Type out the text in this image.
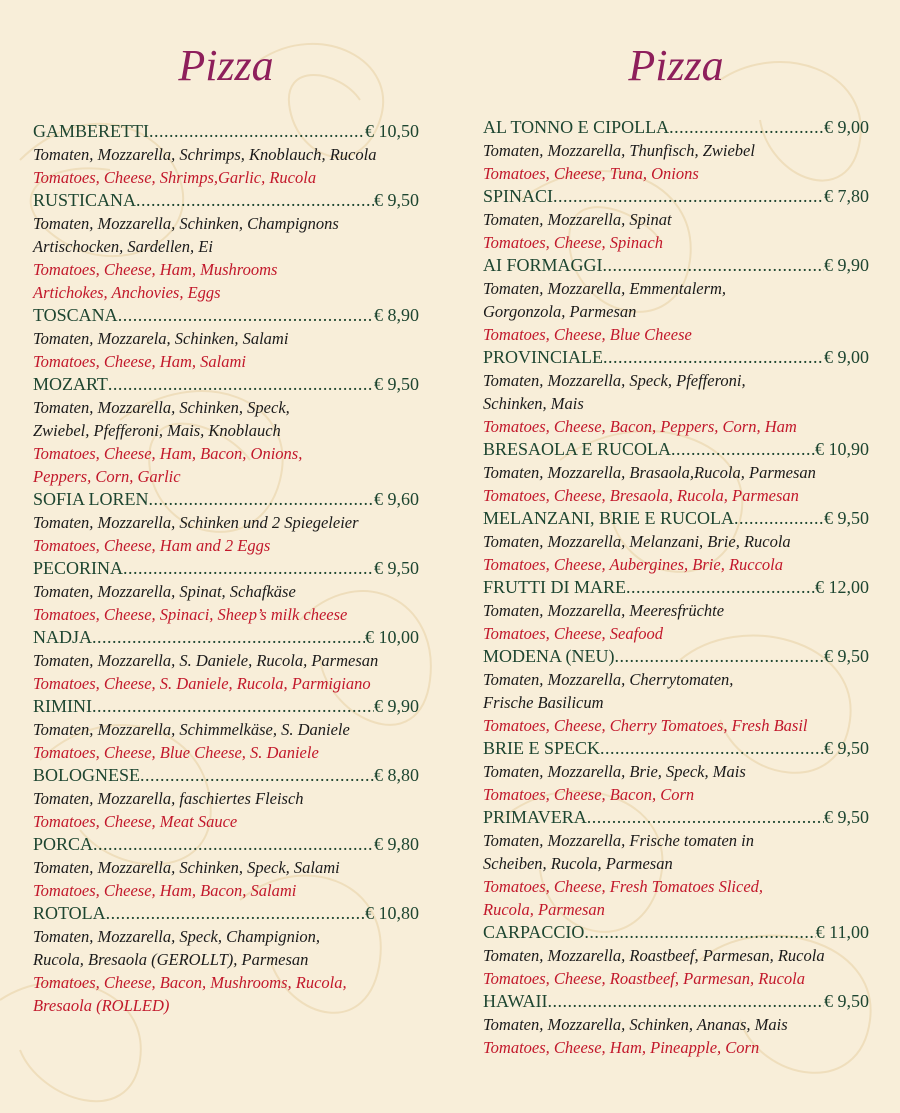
Pizza
GAMBERETTI .....	€ 10,50
Tomaten, Mozzarella, Schrimps, Knoblauch, Rucola
Tomatoes, Cheese, Shrimps,Garlic, Rucola
RUSTICANA .....	€ 9,50
Tomaten, Mozzarella, Schinken, Champignons
Artischocken, Sardellen, Ei
Tomatoes, Cheese, Ham, Mushrooms
Artichokes, Anchovies, Eggs
TOSCANA .....	€ 8,90
Tomaten, Mozzarela, Schinken, Salami
Tomatoes, Cheese, Ham, Salami
MOZART .....	€ 9,50
Tomaten, Mozzarella, Schinken, Speck,
Zwiebel, Pfefferoni, Mais, Knoblauch
Tomatoes, Cheese, Ham, Bacon, Onions,
Peppers, Corn, Garlic
SOFIA LOREN .....	€ 9,60
Tomaten, Mozzarella, Schinken und 2 Spiegeleier
Tomatoes, Cheese, Ham and 2 Eggs
PECORINA .....	€ 9,50
Tomaten, Mozzarella, Spinat, Schafkäse
Tomatoes, Cheese, Spinaci, Sheep’s milk cheese
NADJA .....	€ 10,00
Tomaten, Mozzarella, S. Daniele, Rucola, Parmesan
Tomatoes, Cheese, S. Daniele, Rucola, Parmigiano
RIMINI .....	€ 9,90
Tomaten, Mozzarella, Schimmelkäse, S. Daniele
Tomatoes, Cheese, Blue Cheese, S. Daniele
BOLOGNESE .....	€ 8,80
Tomaten, Mozzarella, faschiertes Fleisch
Tomatoes, Cheese, Meat Sauce
PORCA .....	€ 9,80
Tomaten, Mozzarella, Schinken, Speck, Salami
Tomatoes, Cheese, Ham, Bacon, Salami
ROTOLA .....	€ 10,80
Tomaten, Mozzarella, Speck, Champignion,
Rucola, Bresaola (GEROLLT), Parmesan
Tomatoes, Cheese, Bacon, Mushrooms, Rucola,
Bresaola (ROLLED)
Pizza
AL TONNO E CIPOLLA .....	€ 9,00
Tomaten, Mozzarella, Thunfisch, Zwiebel
Tomatoes, Cheese, Tuna, Onions
SPINACI .....	€ 7,80
Tomaten, Mozzarella, Spinat
Tomatoes, Cheese, Spinach
AI FORMAGGI .....	€ 9,90
Tomaten, Mozzarella, Emmentalerm,
Gorgonzola, Parmesan
Tomatoes, Cheese, Blue Cheese
PROVINCIALE .....	€ 9,00
Tomaten, Mozzarella, Speck, Pfefferoni,
Schinken, Mais
Tomatoes, Cheese, Bacon, Peppers, Corn, Ham
BRESAOLA E RUCOLA .....	€ 10,90
Tomaten, Mozzarella, Brasaola,Rucola, Parmesan
Tomatoes, Cheese, Bresaola, Rucola, Parmesan
MELANZANI, BRIE E RUCOLA .....	€ 9,50
Tomaten, Mozzarella, Melanzani, Brie, Rucola
Tomatoes, Cheese, Aubergines, Brie, Ruccola
FRUTTI DI MARE .....	€ 12,00
Tomaten, Mozzarella, Meeresfrüchte
Tomatoes, Cheese, Seafood
MODENA (NEU) .....	€ 9,50
Tomaten, Mozzarella, Cherrytomaten,
Frische Basilicum
Tomatoes, Cheese, Cherry Tomatoes, Fresh Basil
BRIE E SPECK .....	€ 9,50
Tomaten, Mozzarella, Brie, Speck, Mais
Tomatoes, Cheese, Bacon, Corn
PRIMAVERA .....	€ 9,50
Tomaten, Mozzarella, Frische tomaten in
Scheiben, Rucola, Parmesan
Tomatoes, Cheese, Fresh Tomatoes Sliced,
Rucola, Parmesan
CARPACCIO .....	€ 11,00
Tomaten, Mozzarella, Roastbeef, Parmesan, Rucola
Tomatoes, Cheese, Roastbeef, Parmesan, Rucola
HAWAII .....	€ 9,50
Tomaten, Mozzarella, Schinken, Ananas, Mais
Tomatoes, Cheese, Ham, Pineapple, Corn
